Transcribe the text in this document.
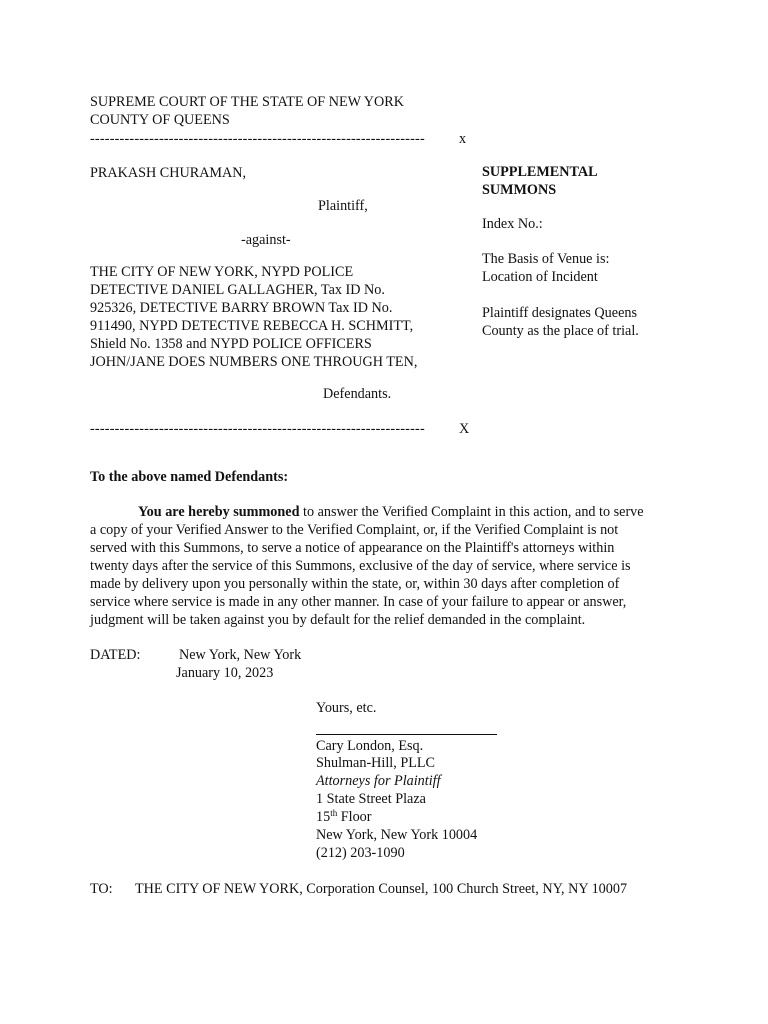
SUPREME COURT OF THE STATE OF NEW YORK
COUNTY OF QUEENS
-------------------------------------------------------------------- x
PRAKASH CHURAMAN,
Plaintiff,
-against-
THE CITY OF NEW YORK, NYPD POLICE
DETECTIVE DANIEL GALLAGHER, Tax ID No.
925326, DETECTIVE BARRY BROWN Tax ID No.
911490, NYPD DETECTIVE REBECCA H. SCHMITT,
Shield No. 1358 and NYPD POLICE OFFICERS
JOHN/JANE DOES NUMBERS ONE THROUGH TEN,
Defendants.
-------------------------------------------------------------------- X
SUPPLEMENTAL
SUMMONS
Index No.:
The Basis of Venue is:
Location of Incident
Plaintiff designates Queens
County as the place of trial.
To the above named Defendants:
You are hereby summoned to answer the Verified Complaint in this action, and to serve
a copy of your Verified Answer to the Verified Complaint, or, if the Verified Complaint is not
served with this Summons, to serve a notice of appearance on the Plaintiff's attorneys within
twenty days after the service of this Summons, exclusive of the day of service, where service is
made by delivery upon you personally within the state, or, within 30 days after completion of
service where service is made in any other manner. In case of your failure to appear or answer,
judgment will be taken against you by default for the relief demanded in the complaint.
DATED:	New York, New York
January 10, 2023
Yours, etc.
Cary London, Esq.
Shulman-Hill, PLLC
Attorneys for Plaintiff
1 State Street Plaza
15th Floor
New York, New York 10004
(212) 203-1090
TO: THE CITY OF NEW YORK, Corporation Counsel, 100 Church Street, NY, NY 10007
